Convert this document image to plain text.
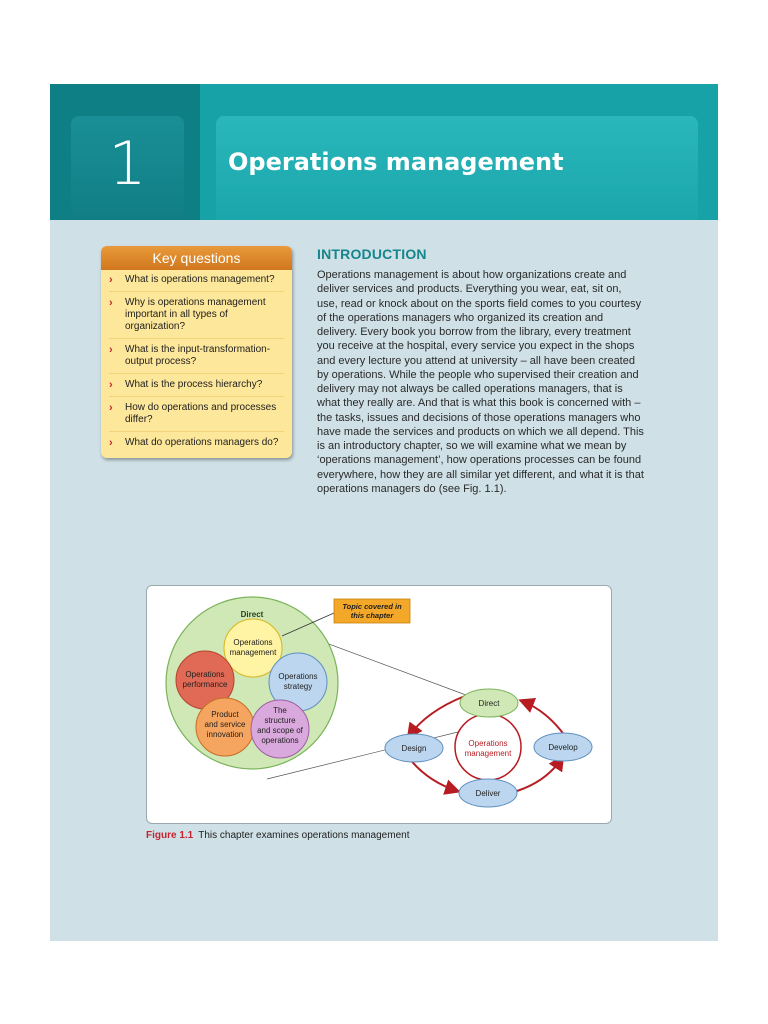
1	Operations management
Key questions
› What is operations management?
› Why is operations management important in all types of organization?
› What is the input-transformation-output process?
› What is the process hierarchy?
› How do operations and processes differ?
› What do operations managers do?
INTRODUCTION

Operations management is about how organizations create and deliver services and products. Everything you wear, eat, sit on, use, read or knock about on the sports field comes to you courtesy of the operations managers who organized its creation and delivery. Every book you borrow from the library, every treatment you receive at the hospital, every service you expect in the shops and every lecture you attend at university – all have been created by operations. While the people who supervised their creation and delivery may not always be called operations managers, that is what they really are. And that is what this book is concerned with – the tasks, issues and decisions of those operations managers who have made the services and products on which we all depend. This is an introductory chapter, so we will examine what we mean by ‘operations management’, how operations processes can be found everywhere, how they are all similar yet different, and what it is that operations managers do (see Fig. 1.1).

Direct
Operations
management
Operations
performance
Operations
strategy
Product
and service
innovation
The
structure
and scope of
operations
Topic covered in
this chapter
Operations
management
Direct
Design	Develop
Deliver

Figure 1.1 This chapter examines operations management
